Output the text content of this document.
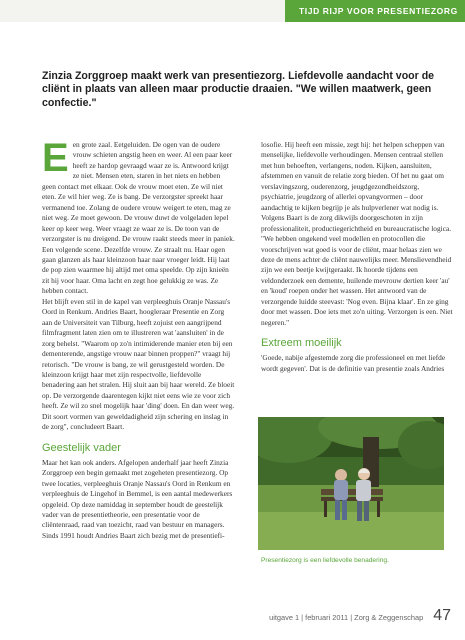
TIJD RIJP VOOR PRESENTIEZORG
Zinzia Zorggroep maakt werk van presentiezorg. Liefdevolle aandacht voor de cliënt in plaats van alleen maar productie draaien. "We willen maatwerk, geen confectie."
E en grote zaal. Eetgeluiden. De ogen van de oudere vrouw schieten angstig heen en weer. Al een paar keer heeft ze hardop gevraagd waar ze is. Antwoord krijgt ze niet. Mensen eten, staren in het niets en hebben geen contact met elkaar. Ook de vrouw moet eten. Ze wil niet eten. Ze wil hier weg. Ze is bang. De verzorgster spreekt haar vermanend toe. Zolang de oudere vrouw weigert te eten, mag ze niet weg. Ze moet gewoon. De vrouw duwt de volgeladen lepel keer op keer weg. Weer vraagt ze waar ze is. De toon van de verzorgster is nu dreigend. De vrouw raakt steeds meer in paniek.

Een volgende scene. Dezelfde vrouw. Ze straalt nu. Haar ogen gaan glanzen als haar kleinzoon haar naar vroeger leidt. Hij laat de pop zien waarmee hij altijd met oma speelde. Op zijn knieën zit hij voor haar. Oma lacht en zegt hoe gelukkig ze was. Ze hebben contact.

Het blijft even stil in de kapel van verpleeghuis Oranje Nassau's Oord in Renkum. Andries Baart, hoogleraar Presentie en Zorg aan de Universiteit van Tilburg, heeft zojuist een aangrijpend filmfragment laten zien om te illustreren wat 'aansluiten' in de zorg behelst. "Waarom op zo'n intimiderende manier eten bij een dementerende, angstige vrouw naar binnen proppen?" vraagt hij retorisch. "De vrouw is bang, ze wil gerustgesteld worden. De kleinzoon krijgt haar met zijn respectvolle, liefdevolle benadering aan het stralen. Hij sluit aan bij haar wereld. Ze bloeit op. De verzorgende daarentegen kijkt niet eens wie ze voor zich heeft. Ze wil zo snel mogelijk haar 'ding' doen. En dan weer weg. Dit soort vormen van geweldadigheid zijn schering en inslag in de zorg", concludeert Baart.

Geestelijk vader

Maar het kan ook anders. Afgelopen anderhalf jaar heeft Zinzia Zorggroep een begin gemaakt met zogeheten presentiezorg. Op twee locaties, verpleeghuis Oranje Nassau's Oord in Renkum en verpleeghuis de Lingehof in Bemmel, is een aantal medewerkers opgeleid. Op deze namiddag in september houdt de geestelijk vader van de presentietheorie, een presentatie voor de cliëntenraad, raad van toezicht, raad van bestuur en managers.

Sinds 1991 houdt Andries Baart zich bezig met de presentiefi-

losofie. Hij heeft een missie, zegt hij: het helpen scheppen van menselijke, liefdevolle verhoudingen. Mensen centraal stellen met hun behoeften, verlangens, noden. Kijken, aansluiten, afstemmen en vanuit de relatie zorg bieden. Of het nu gaat om verslavingszorg, ouderenzorg, jeugdgezondheidszorg, psychiatrie, jeugdzorg of allerlei opvangvormen – door aandachtig te kijken begrijp je als hulpverlener wat nodig is.

Volgens Baart is de zorg dikwijls doorgeschoten in zijn professionaliteit, productiegerichtheid en bureaucratische logica. "We hebben ongekend veel modellen en protocollen die voorschrijven wat goed is voor de cliënt, maar helaas zien we deze de mens achter de cliënt nauwelijks meer. Menslievendheid zijn we een beetje kwijtgeraakt. Ik hoorde tijdens een veldonderzoek een demente, huilende mevrouw dertien keer 'au' en 'koud' roepen onder het wassen. Het antwoord van de verzorgende luidde steevast: 'Nog even. Bijna klaar'. En ze ging door met wassen. Doe iets met zo'n uiting. Verzorgen is een. Niet negeren."

Extreem moeilijk

'Goede, nabije afgestemde zorg die professioneel en met liefde wordt gegeven'. Dat is de definitie van presentie zoals Andries

Presentiezorg is een liefdevolle benadering.
uitgave 1 | februari 2011 | Zorg & Zeggenschap 47
